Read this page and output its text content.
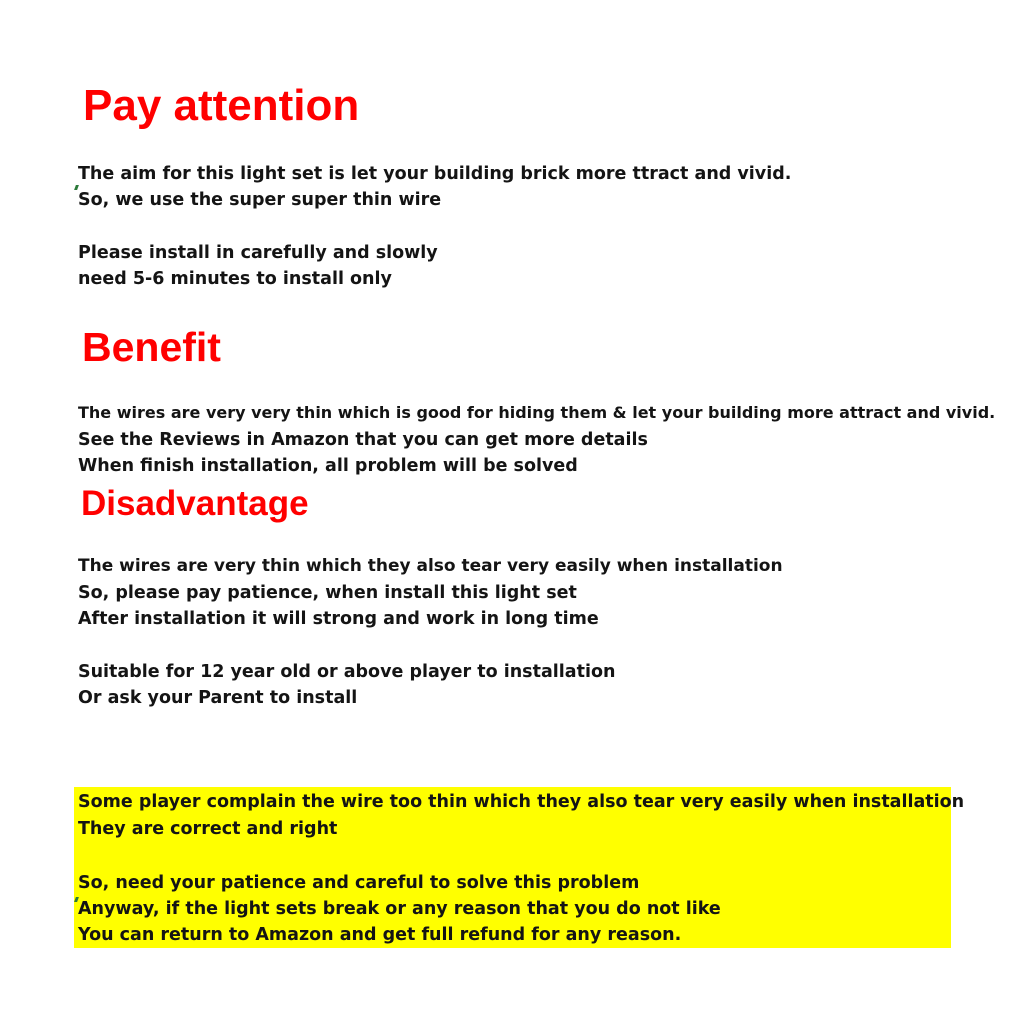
Pay attention

The aim for this light set is let your building brick more ttract and vivid.

So, we use the super super thin wire

Please install in carefully and slowly

need 5-6 minutes to install only

Benefit

The wires are very very thin which is good for hiding them & let your building more attract and vivid.

See the Reviews in Amazon that you can get more details

When finish installation, all problem will be solved

Disadvantage

The wires are very thin which they also tear very easily when installation

So, please pay patience, when install this light set

After installation it will strong and work in long time

Suitable for 12 year old or above player to installation

Or ask your Parent to install

Some player complain the wire too thin which they also tear very easily when installation

They are correct and right

So, need your patience and careful to solve this problem

Anyway, if the light sets break or any reason that you do not like

You can return to Amazon and get full refund for any reason.
